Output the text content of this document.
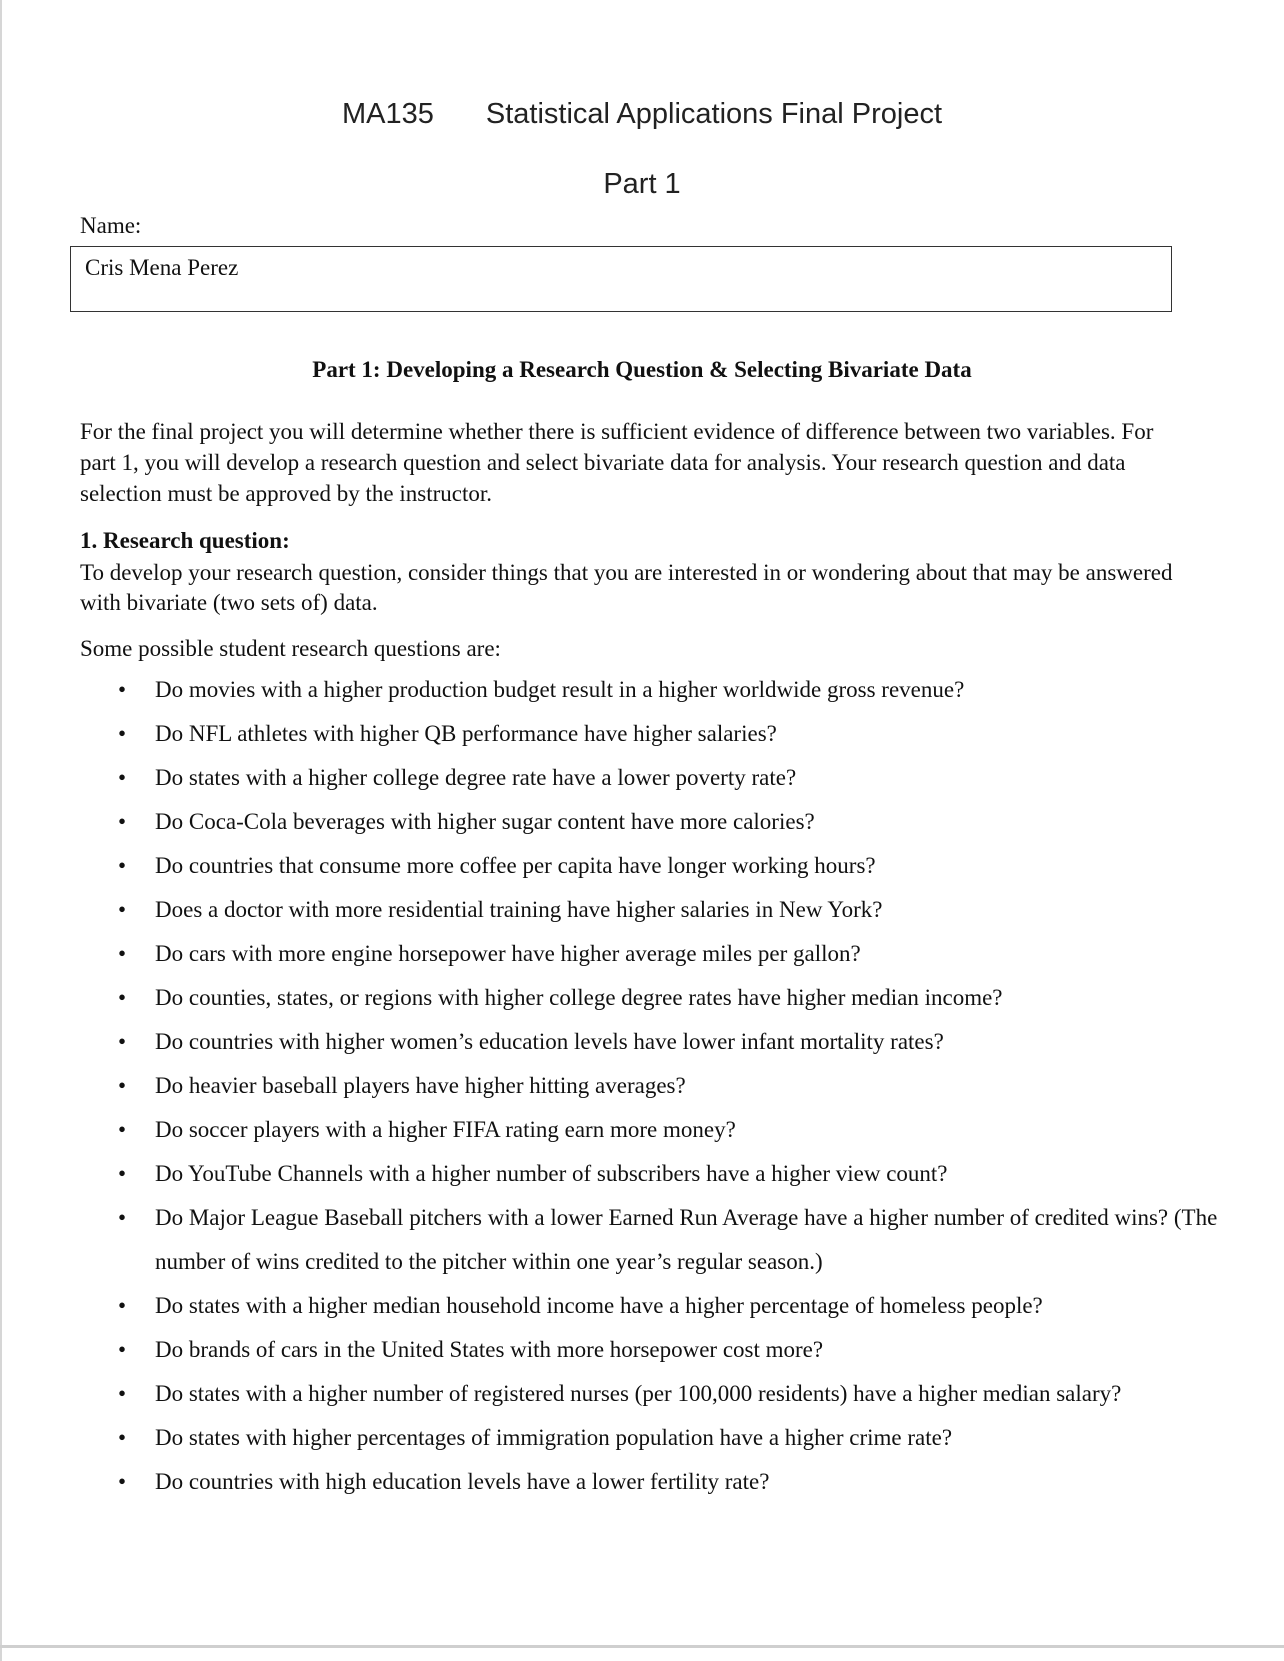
MA135 Statistical Applications Final Project
Part 1
Name:
Cris Mena Perez
Part 1: Developing a Research Question & Selecting Bivariate Data
For the final project you will determine whether there is sufficient evidence of difference between two variables. For part 1, you will develop a research question and select bivariate data for analysis. Your research question and data selection must be approved by the instructor.
1. Research question:
To develop your research question, consider things that you are interested in or wondering about that may be answered with bivariate (two sets of) data.
Some possible student research questions are:
• Do movies with a higher production budget result in a higher worldwide gross revenue?
• Do NFL athletes with higher QB performance have higher salaries?
• Do states with a higher college degree rate have a lower poverty rate?
• Do Coca-Cola beverages with higher sugar content have more calories?
• Do countries that consume more coffee per capita have longer working hours?
• Does a doctor with more residential training have higher salaries in New York?
• Do cars with more engine horsepower have higher average miles per gallon?
• Do counties, states, or regions with higher college degree rates have higher median income?
• Do countries with higher women’s education levels have lower infant mortality rates?
• Do heavier baseball players have higher hitting averages?
• Do soccer players with a higher FIFA rating earn more money?
• Do YouTube Channels with a higher number of subscribers have a higher view count?
• Do Major League Baseball pitchers with a lower Earned Run Average have a higher number of credited wins? (The number of wins credited to the pitcher within one year’s regular season.)
• Do states with a higher median household income have a higher percentage of homeless people?
• Do brands of cars in the United States with more horsepower cost more?
• Do states with a higher number of registered nurses (per 100,000 residents) have a higher median salary?
• Do states with higher percentages of immigration population have a higher crime rate?
• Do countries with high education levels have a lower fertility rate?
